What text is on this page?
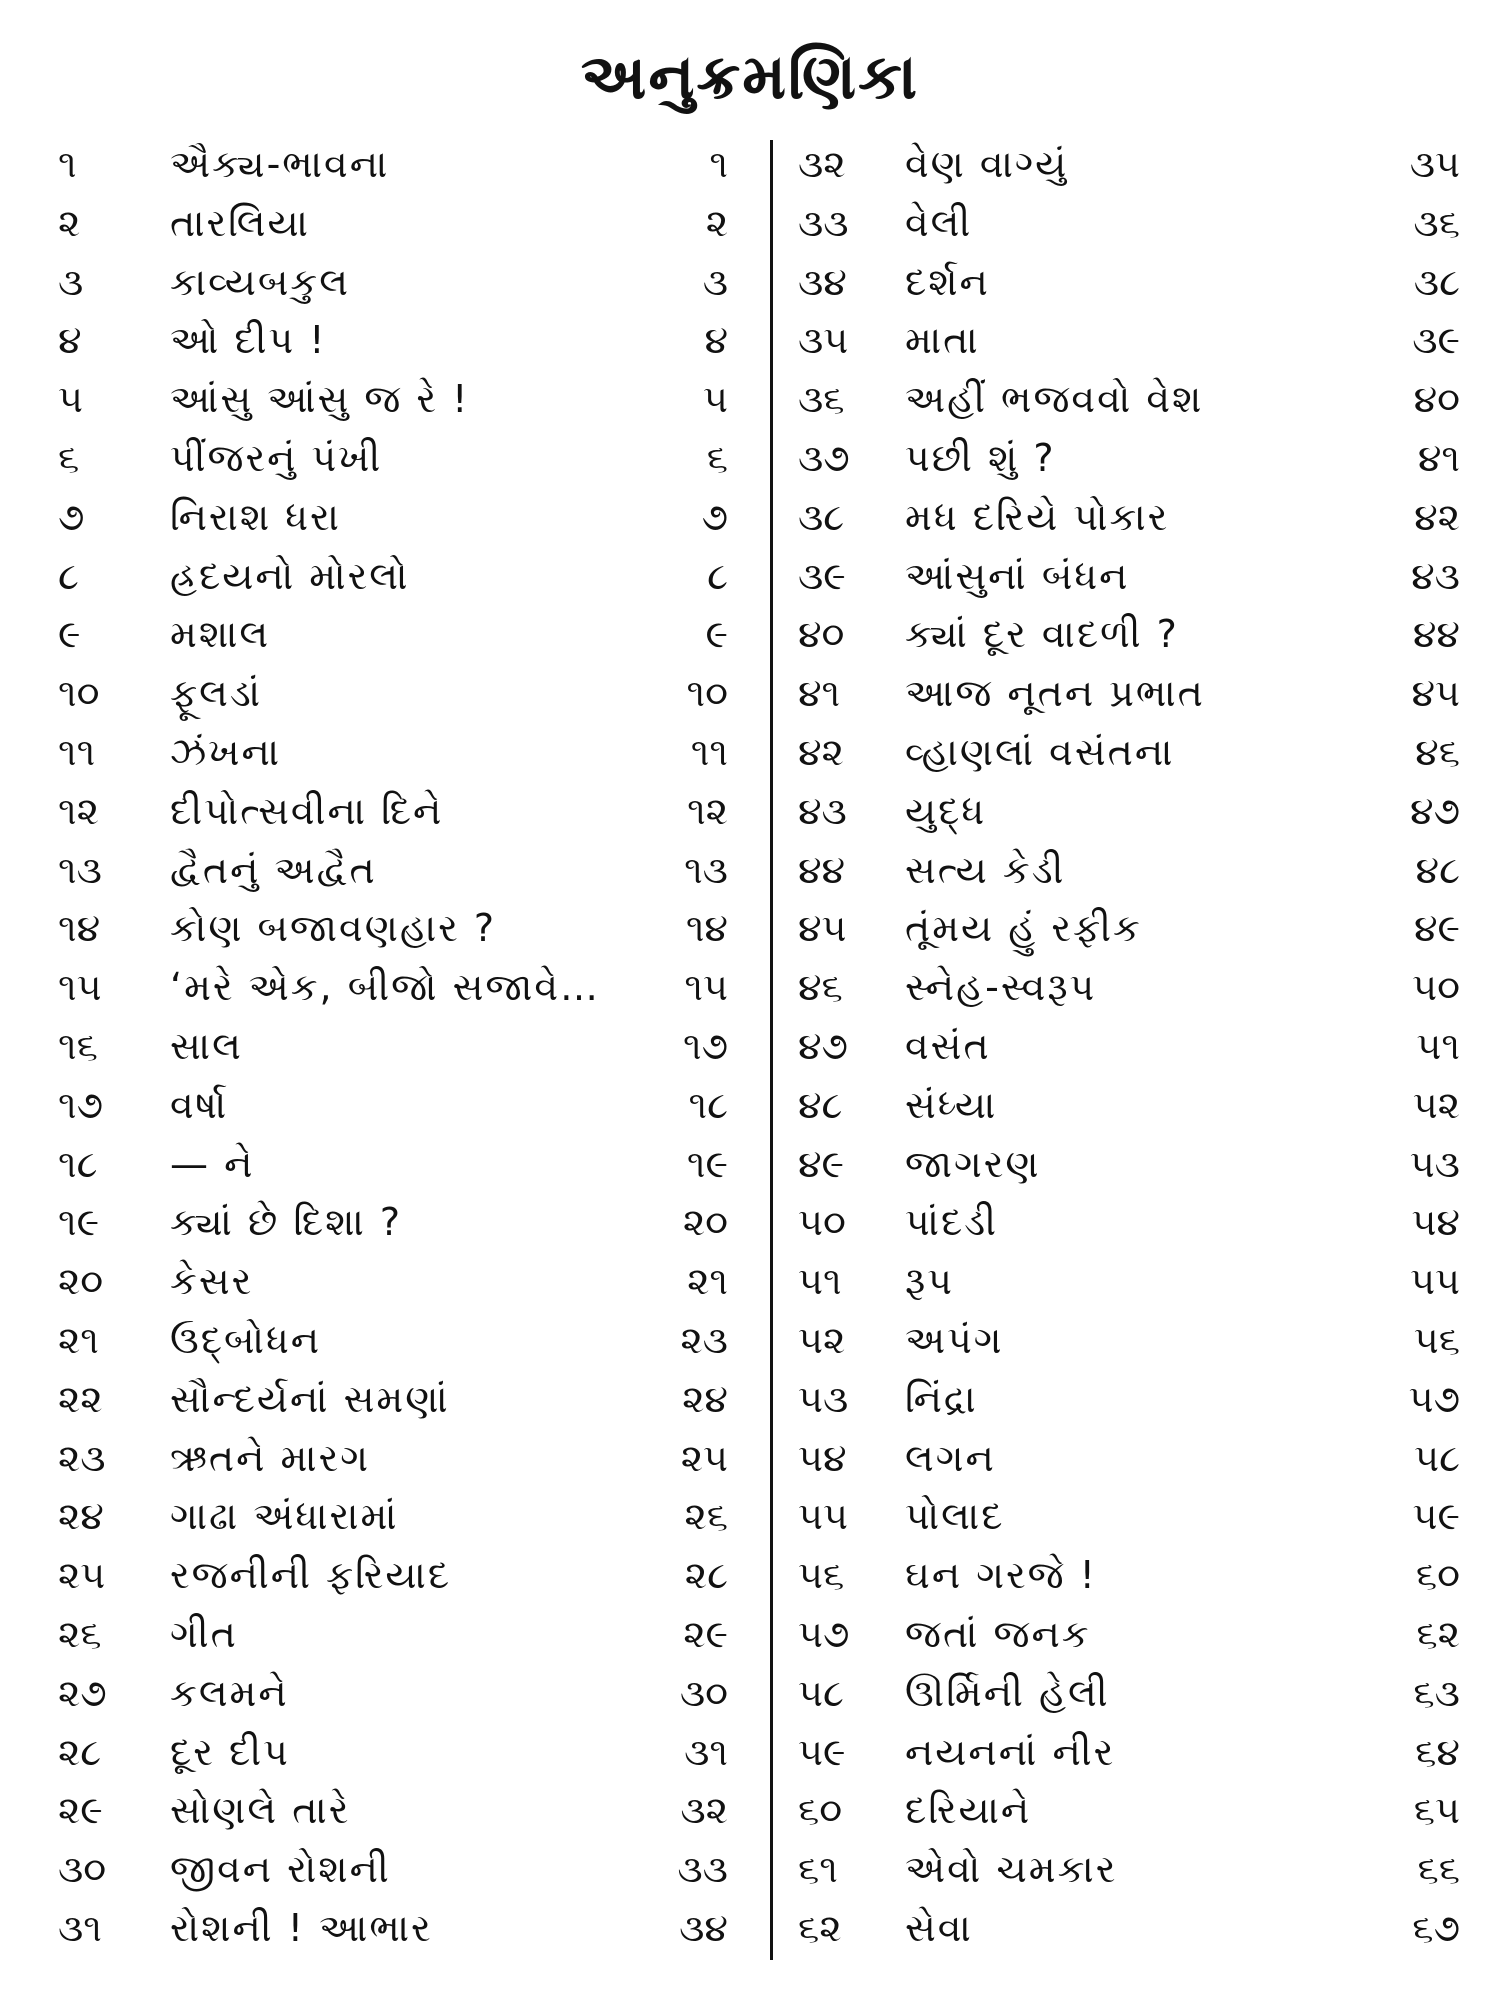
અનુક્રમણિકા
૧ ઐક્ય-ભાવના	૧
૨ તારલિયા	૨
૩ કાવ્યબકુલ	૩
૪ ઓ દીપ !	૪
૫ આંસુ આંસુ જ રે !	૫
૬ પીંજરનું પંખી	૬
૭ નિરાશ ધરા	૭
૮ હ્રદયનો મોરલો	૮
૯ મશાલ	૯
૧૦ ફૂલડાં	૧૦
૧૧ ઝંખના	૧૧
૧૨ દીપોત્સવીના દિને	૧૨
૧૩ દ્વૈતનું અદ્વૈત	૧૩
૧૪ કોણ બજાવણહાર ?	૧૪
૧૫ ‘મરે એક, બીજો સજાવે… ૧૫
૧૬ સાલ	૧૭
૧૭ વર્ષા	૧૮
૧૮ — ને	૧૯
૧૯ ક્યાં છે દિશા ?	૨૦
૨૦ કેસર	૨૧
૨૧ ઉદ્‌બોધન	૨૩
૨૨ સૌન્દર્યનાં સમણાં	૨૪
૨૩ ઋતને મારગ	૨૫
૨૪ ગાઢા અંધારામાં	૨૬
૨૫ રજનીની ફરિયાદ	૨૮
૨૬ ગીત	૨૯
૨૭ કલમને	૩૦
૨૮ દૂર દીપ	૩૧
૨૯ સોણલે તારે	૩૨
૩૦ જીવન રોશની	૩૩
૩૧ રોશની ! આભાર	૩૪
૩૨ વેણ વાગ્યું	૩૫
૩૩ વેલી	૩૬
૩૪ દર્શન	૩૮
૩૫ માતા	૩૯
૩૬ અહીં ભજવવો વેશ	૪૦
૩૭ પછી શું ?	૪૧
૩૮ મધ દરિયે પોકાર	૪૨
૩૯ આંસુનાં બંધન	૪૩
૪૦ ક્યાં દૂર વાદળી ?	૪૪
૪૧ આજ નૂતન પ્રભાત	૪૫
૪૨ વ્હાણલાં વસંતના	૪૬
૪૩ યુદ્ધ	૪૭
૪૪ સત્ય કેડી	૪૮
૪૫ તૂંમય હું રફીક	૪૯
૪૬ સ્નેહ-સ્વરૂપ	૫૦
૪૭ વસંત	૫૧
૪૮ સંધ્યા	૫૨
૪૯ જાગરણ	૫૩
૫૦ પાંદડી	૫૪
૫૧ રૂપ	૫૫
૫૨ અપંગ	૫૬
૫૩ નિંદ્રા	૫૭
૫૪ લગન	૫૮
૫૫ પોલાદ	૫૯
૫૬ ઘન ગરજે !	૬૦
૫૭ જતાં જનક	૬૨
૫૮ ઊર્મિની હેલી	૬૩
૫૯ નયનનાં નીર	૬૪
૬૦ દરિયાને	૬૫
૬૧ એવો ચમકાર	૬૬
૬૨ સેવા	૬૭
